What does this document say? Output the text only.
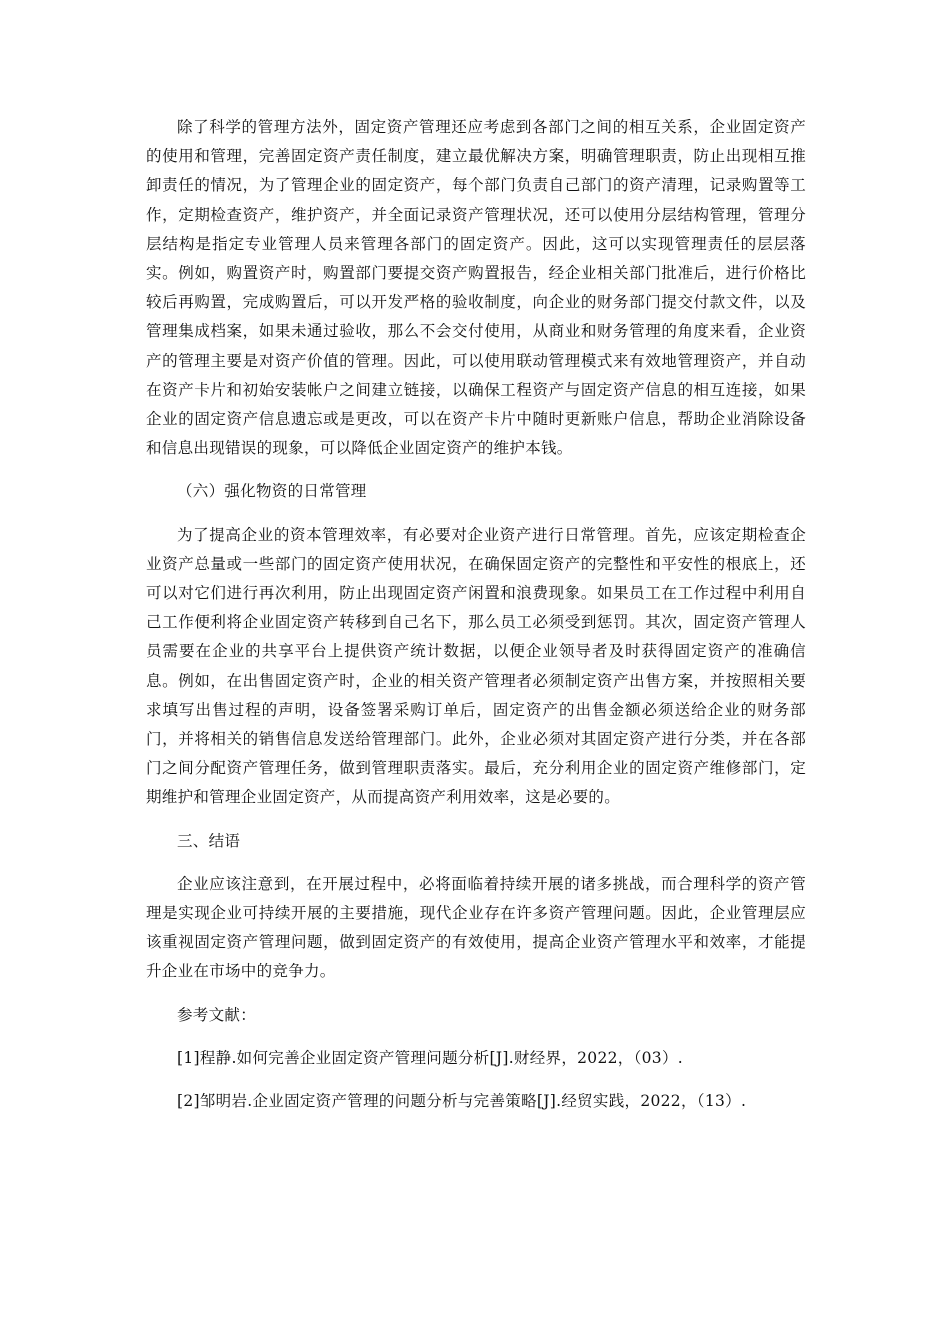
除了科学的管理方法外，固定资产管理还应考虑到各部门之间的相互关系，企业固定资产的使用和管理，完善固定资产责任制度，建立最优解决方案，明确管理职责，防止出现相互推卸责任的情况，为了管理企业的固定资产，每个部门负责自己部门的资产清理，记录购置等工作，定期检查资产，维护资产，并全面记录资产管理状况，还可以使用分层结构管理，管理分层结构是指定专业管理人员来管理各部门的固定资产。因此，这可以实现管理责任的层层落实。例如，购置资产时，购置部门要提交资产购置报告，经企业相关部门批准后，进行价格比较后再购置，完成购置后，可以开发严格的验收制度，向企业的财务部门提交付款文件，以及管理集成档案，如果未通过验收，那么不会交付使用，从商业和财务管理的角度来看，企业资产的管理主要是对资产价值的管理。因此，可以使用联动管理模式来有效地管理资产，并自动在资产卡片和初始安装帐户之间建立链接，以确保工程资产与固定资产信息的相互连接，如果企业的固定资产信息遗忘或是更改，可以在资产卡片中随时更新账户信息，帮助企业消除设备和信息出现错误的现象，可以降低企业固定资产的维护本钱。

（六）强化物资的日常管理

为了提高企业的资本管理效率，有必要对企业资产进行日常管理。首先，应该定期检查企业资产总量或一些部门的固定资产使用状况，在确保固定资产的完整性和平安性的根底上，还可以对它们进行再次利用，防止出现固定资产闲置和浪费现象。如果员工在工作过程中利用自己工作便利将企业固定资产转移到自己名下，那么员工必须受到惩罚。其次，固定资产管理人员需要在企业的共享平台上提供资产统计数据，以便企业领导者及时获得固定资产的准确信息。例如，在出售固定资产时，企业的相关资产管理者必须制定资产出售方案，并按照相关要求填写出售过程的声明，设备签署采购订单后，固定资产的出售金额必须送给企业的财务部门，并将相关的销售信息发送给管理部门。此外，企业必须对其固定资产进行分类，并在各部门之间分配资产管理任务，做到管理职责落实。最后，充分利用企业的固定资产维修部门，定期维护和管理企业固定资产，从而提高资产利用效率，这是必要的。

三、结语

企业应该注意到，在开展过程中，必将面临着持续开展的诸多挑战，而合理科学的资产管理是实现企业可持续开展的主要措施，现代企业存在许多资产管理问题。因此，企业管理层应该重视固定资产管理问题，做到固定资产的有效使用，提高企业资产管理水平和效率，才能提升企业在市场中的竞争力。

参考文献：

[1]程静.如何完善企业固定资产管理问题分析[J].财经界，2022，（03）.

[2]邹明岩.企业固定资产管理的问题分析与完善策略[J].经贸实践，2022，（13）.
